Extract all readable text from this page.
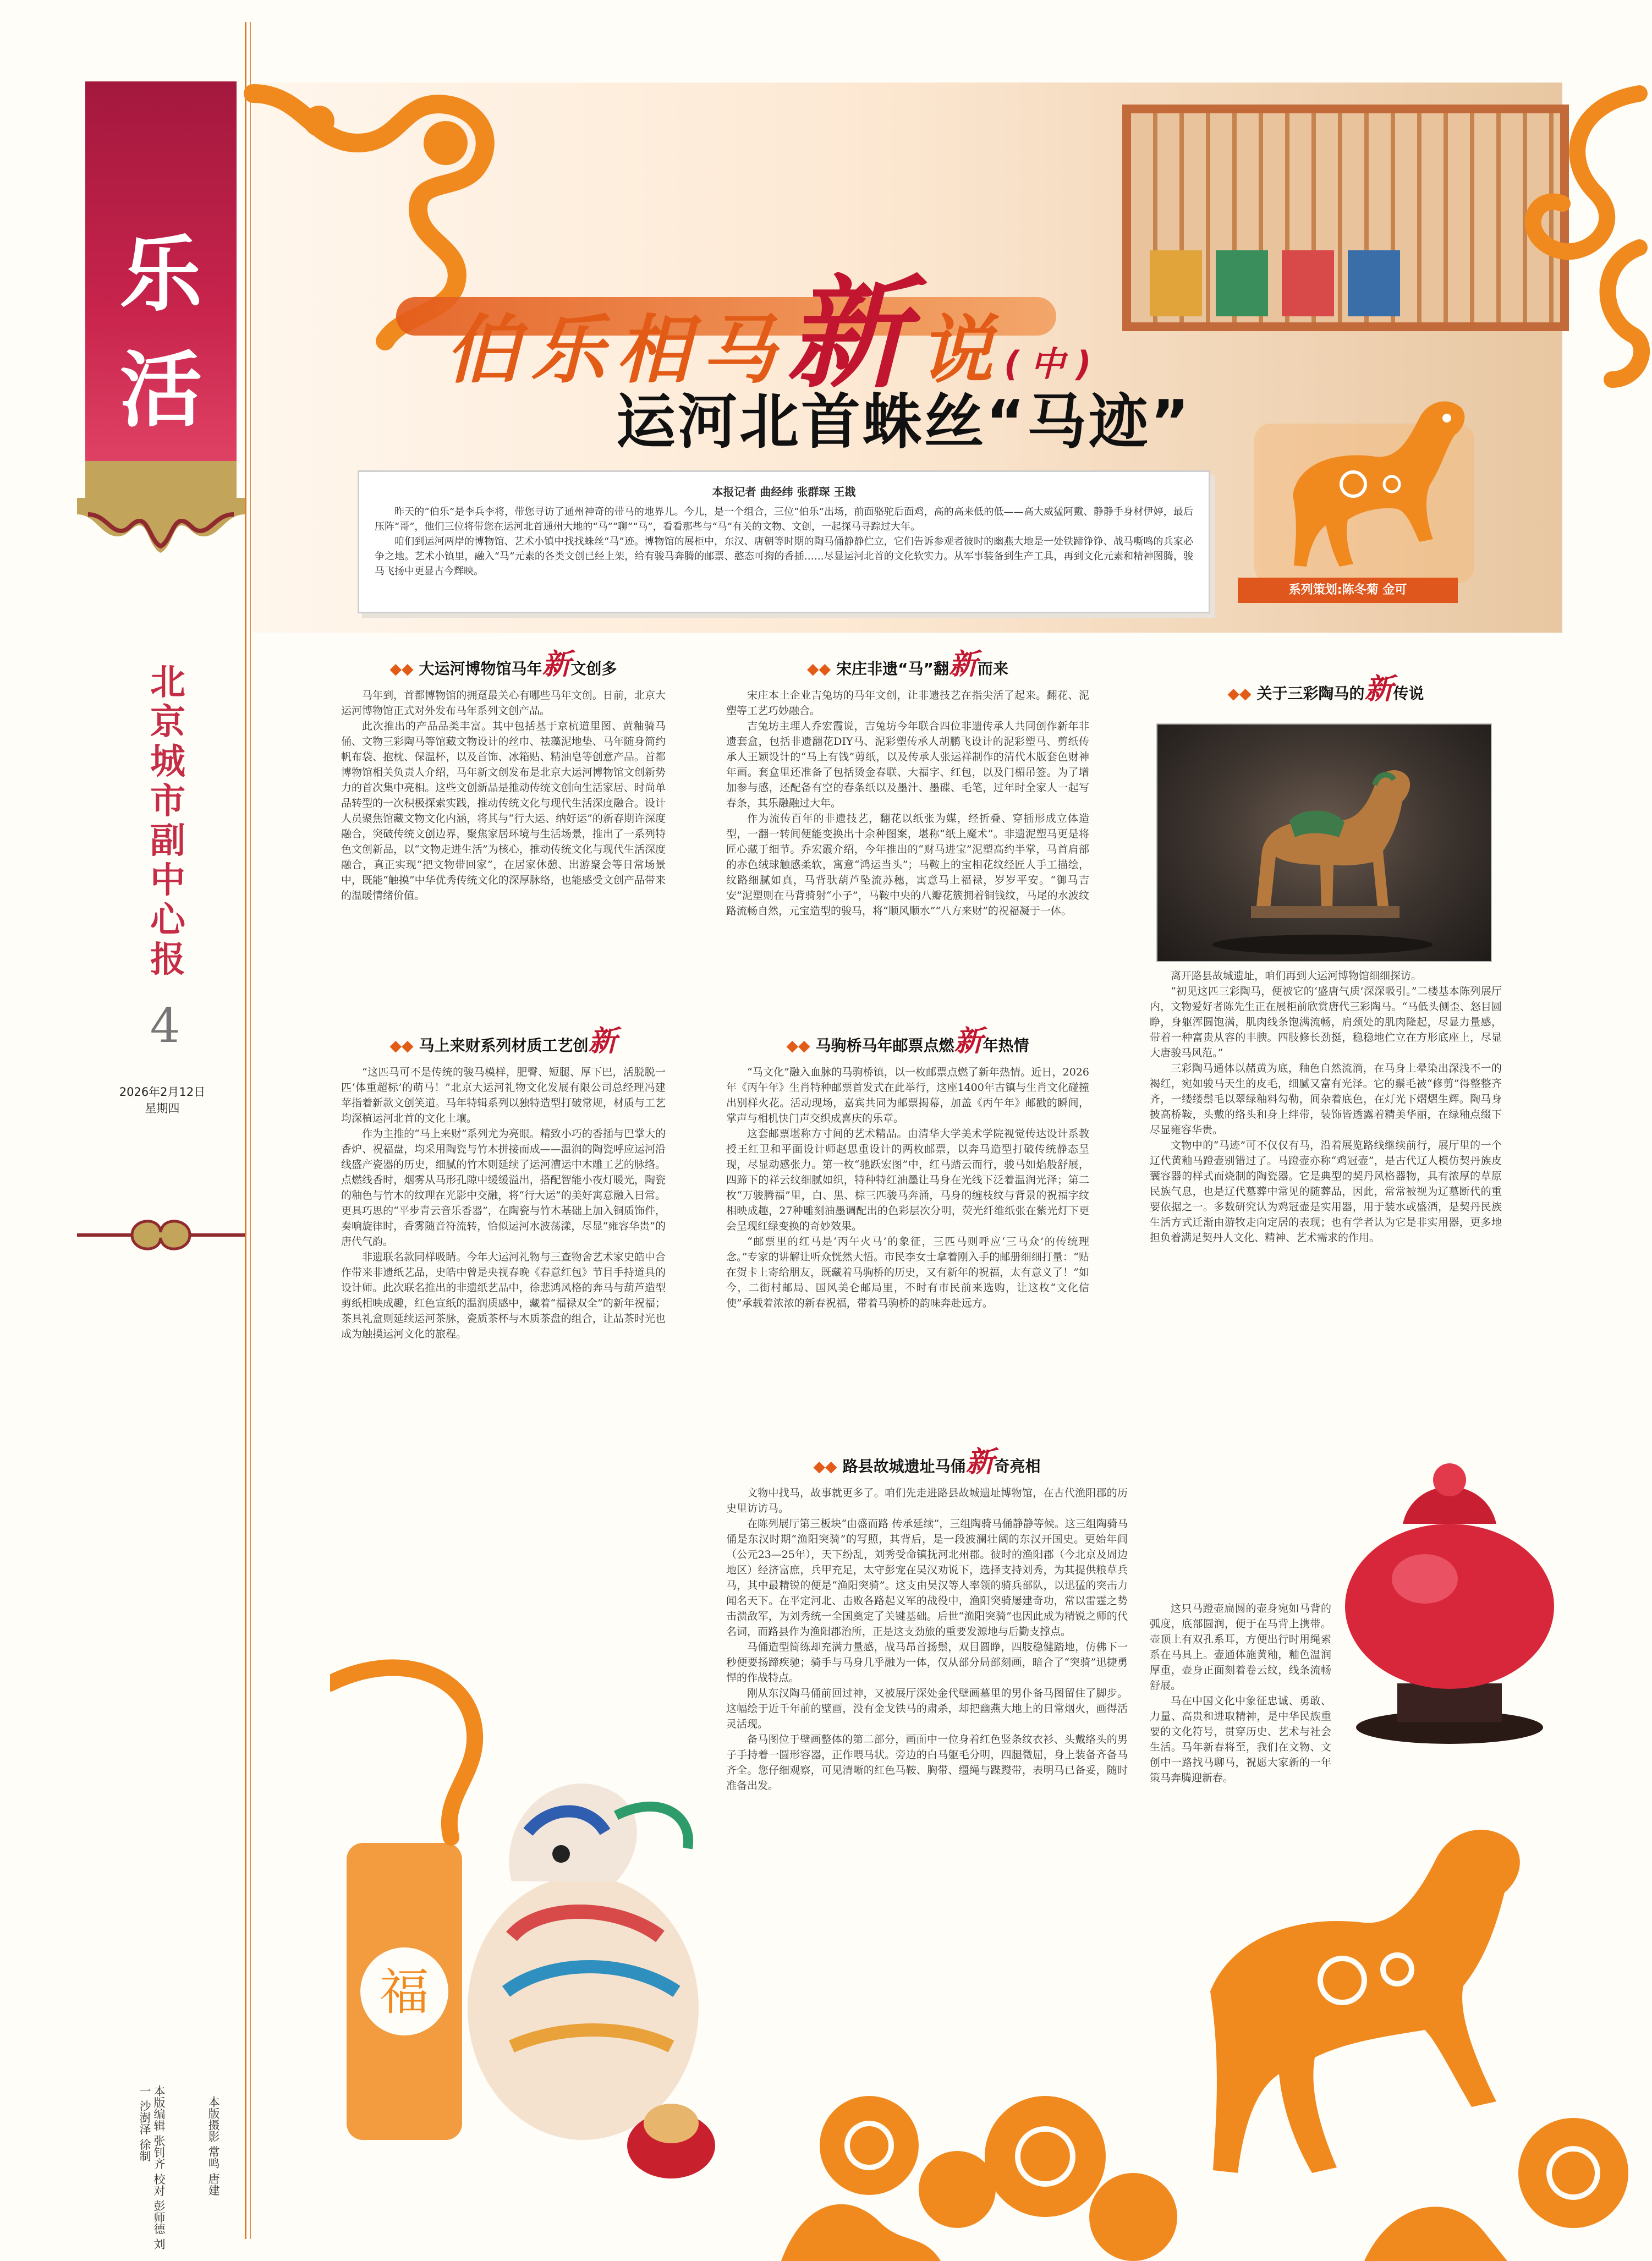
乐
活
北京城市副中心报
4
2026年2月12日
星期四
本版编辑 张钊齐 校对 彭师德 刘一 沙澍泽 徐制	本版摄影 常鸣 唐建
伯乐相马新说(中)
运河北首蛛丝“马迹”
本报记者 曲经纬 张群琛 王戡

昨天的“伯乐”是李兵李将，带您寻访了通州神奇的带马的地界儿。今儿，是一个组合，三位“伯乐”出场，前面骆驼后面鸡，高的高来低的低——高大威猛阿戴、静静手身材伊婷，最后压阵“哥”，他们三位将带您在运河北首通州大地的“马”“聊”“马”，看看那些与“马”有关的文物、文创，一起探马寻踪过大年。

咱们到运河两岸的博物馆、艺术小镇中找找蛛丝“马”迹。博物馆的展柜中，东汉、唐朝等时期的陶马俑静静伫立，它们告诉参观者彼时的幽燕大地是一处铁蹄铮铮、战马嘶鸣的兵家必争之地。艺术小镇里，融入“马”元素的各类文创已经上架，给有骏马奔腾的邮票、憨态可掬的香插……尽显运河北首的文化软实力。从军事装备到生产工具，再到文化元素和精神图腾，骏马飞扬中更显古今辉映。

系列策划:陈冬菊 金可
◆◆ 大运河博物馆马年新文创多

马年到，首都博物馆的拥趸最关心有哪些马年文创。日前，北京大运河博物馆正式对外发布马年系列文创产品。

此次推出的产品品类丰富。其中包括基于京杭道里图、黄釉骑马俑、文物三彩陶马等馆藏文物设计的丝巾、祛藻泥地垫、马年随身简约帆布袋、抱枕、保温杯，以及首饰、冰箱贴、精油皂等创意产品。首都博物馆相关负责人介绍，马年新文创发布是北京大运河博物馆文创新势力的首次集中亮相。这些文创新品是推动传统文创向生活家居、时尚单品转型的一次积极探索实践，推动传统文化与现代生活深度融合。设计人员聚焦馆藏文物文化内涵，将其与“行大运、纳好运”的新春期许深度融合，突破传统文创边界，聚焦家居环境与生活场景，推出了一系列特色文创新品，以“文物走进生活”为核心，推动传统文化与现代生活深度融合，真正实现“把文物带回家”，在居家休憩、出游聚会等日常场景中，既能“触摸”中华优秀传统文化的深厚脉络，也能感受文创产品带来的温暖情绪价值。

◆◆ 马上来财系列材质工艺创新

“这匹马可不是传统的骏马模样，肥臀、短腿、厚下巴，活脱脱一匹‘体重超标’的萌马！”北京大运河礼物文化发展有限公司总经理冯建苹指着新款文创笑道。马年特辑系列以独特造型打破常规，材质与工艺均深植运河北首的文化土壤。

作为主推的“马上来财”系列尤为亮眼。精致小巧的香插与巴掌大的香炉、祝福盘，均采用陶瓷与竹木拼接而成——温润的陶瓷呼应运河沿线盛产瓷器的历史，细腻的竹木则延续了运河漕运中木雕工艺的脉络。点燃线香时，烟雾从马形孔隙中缓缓溢出，搭配智能小夜灯暖光，陶瓷的釉色与竹木的纹理在光影中交融，将“行大运”的美好寓意融入日常。更具巧思的“平步青云音乐香器”，在陶瓷与竹木基础上加入铜质饰件，奏响旋律时，香雾随音符流转，恰似运河水波荡漾，尽显“雍容华贵”的唐代气韵。

非遗联名款同样吸睛。今年大运河礼物与三查物舍艺术家史皓中合作带来非遗纸艺品，史皓中曾是央视春晚《春意红包》节目手持道具的设计师。此次联名推出的非遗纸艺品中，徐悲鸿风格的奔马与葫芦造型剪纸相映成趣，红色宣纸的温润质感中，藏着“福禄双全”的新年祝福；茶具礼盒则延续运河茶脉，瓷质茶杯与木质茶盘的组合，让品茶时光也成为触摸运河文化的旅程。

◆◆ 宋庄非遗“马”翻新而来

宋庄本土企业吉兔坊的马年文创，让非遗技艺在指尖活了起来。翻花、泥塑等工艺巧妙融合。

吉兔坊主理人乔宏霞说，吉兔坊今年联合四位非遗传承人共同创作新年非遗套盒，包括非遗翻花DIY马、泥彩塑传承人胡鹏飞设计的泥彩塑马、剪纸传承人王颖设计的“马上有钱”剪纸，以及传承人张运祥制作的清代木版套色财神年画。套盒里还准备了包括烫金春联、大福字、红包，以及门楣吊签。为了增加参与感，还配备有空的春条纸以及墨汁、墨碟、毛笔，过年时全家人一起写春条，其乐融融过大年。

作为流传百年的非遗技艺，翻花以纸张为媒，经折叠、穿插形成立体造型，一翻一转间便能变换出十余种图案，堪称“纸上魔术”。非遗泥塑马更是将匠心藏于细节。乔宏霞介绍，今年推出的“财马进宝”泥塑高约半掌，马首肩部的赤色绒球触感柔软，寓意“鸿运当头”；马鞍上的宝相花纹经匠人手工描绘，纹路细腻如真，马背驮葫芦坠流苏穗，寓意马上福禄，岁岁平安。“御马吉安”泥塑则在马背骑射“小子”，马鞍中央的八瓣花簇拥着铜钱纹，马尾的水波纹路流畅自然，元宝造型的骏马，将“顺风顺水”“八方来财”的祝福凝于一体。

◆◆ 马驹桥马年邮票点燃新年热情

“马文化”融入血脉的马驹桥镇，以一枚邮票点燃了新年热情。近日，2026年《丙午年》生肖特种邮票首发式在此举行，这座1400年古镇与生肖文化碰撞出别样火花。活动现场，嘉宾共同为邮票揭幕，加盖《丙午年》邮戳的瞬间，掌声与相机快门声交织成喜庆的乐章。

这套邮票堪称方寸间的艺术精品。由清华大学美术学院视觉传达设计系教授王红卫和平面设计师赵思重设计的两枚邮票，以奔马造型打破传统静态呈现，尽显动感张力。第一枚“驰跃宏图”中，红马踏云而行，骏马如焰般舒展，四蹄下的祥云纹细腻如织，特种特红油墨让马身在光线下泛着温润光泽；第二枚“万骏腾福”里，白、黑、棕三匹骏马奔涌，马身的缠枝纹与背景的祝福字纹相映成趣，27种雕刻油墨调配出的色彩层次分明，荧光纤维纸张在紫光灯下更会呈现红绿变换的奇妙效果。

“邮票里的红马是‘丙午火马’的象征，三匹马则呼应‘三马众’的传统理念。”专家的讲解让听众恍然大悟。市民李女士拿着刚入手的邮册细细打量：“贴在贺卡上寄给朋友，既藏着马驹桥的历史，又有新年的祝福，太有意义了！”如今，二街村邮局、国风美仑邮局里，不时有市民前来选购，让这枚“文化信使”承载着浓浓的新春祝福，带着马驹桥的韵味奔赴远方。

◆◆ 路县故城遗址马俑新奇亮相

文物中找马，故事就更多了。咱们先走进路县故城遗址博物馆，在古代渔阳郡的历史里访访马。

在陈列展厅第三板块“由盛而路 传承延续”，三组陶骑马俑静静等候。这三组陶骑马俑是东汉时期“渔阳突骑”的写照，其背后，是一段波澜壮阔的东汉开国史。更始年间（公元23—25年），天下纷乱，刘秀受命镇抚河北州郡。彼时的渔阳郡（今北京及周边地区）经济富庶，兵甲充足，太守彭宠在吴汉劝说下，选择支持刘秀，为其提供粮草兵马，其中最精锐的便是“渔阳突骑”。这支由吴汉等人率领的骑兵部队，以迅猛的突击力闻名天下。在平定河北、击败各路起义军的战役中，渔阳突骑屡建奇功，常以雷霆之势击溃敌军，为刘秀统一全国奠定了关键基础。后世“渔阳突骑”也因此成为精锐之师的代名词，而路县作为渔阳郡治所，正是这支劲旅的重要发源地与后勤支撑点。

马俑造型简练却充满力量感，战马昂首扬鬃，双目圆睁，四肢稳健踏地，仿佛下一秒便要扬蹄疾驰；骑手与马身几乎融为一体，仅从部分局部刻画，暗合了“突骑”迅捷勇悍的作战特点。

刚从东汉陶马俑前回过神，又被展厅深处金代壁画墓里的男仆备马图留住了脚步。这幅绘于近千年前的壁画，没有金戈铁马的肃杀，却把幽燕大地上的日常烟火，画得活灵活现。

备马图位于壁画整体的第二部分，画面中一位身着红色竖条纹衣衫、头戴络头的男子手持着一圆形容器，正作喂马状。旁边的白马躯毛分明，四腿微屈，身上装备齐备马齐全。您仔细观察，可见清晰的红色马鞍、胸带、缰绳与蹀躞带，表明马已备妥，随时准备出发。

◆◆ 关于三彩陶马的新传说

离开路县故城遗址，咱们再到大运河博物馆细细探访。

“初见这匹三彩陶马，便被它的‘盛唐气质’深深吸引。”二楼基本陈列展厅内，文物爱好者陈先生正在展柜前欣赏唐代三彩陶马。“马低头侧歪、怒目圆睁，身躯浑圆饱满，肌肉线条饱满流畅，肩颈处的肌肉隆起，尽显力量感，带着一种富贵从容的丰腴。四肢修长劲挺，稳稳地伫立在方形底座上，尽显大唐骏马风范。”

三彩陶马通体以赭黄为底，釉色自然流淌，在马身上晕染出深浅不一的褐红，宛如骏马天生的皮毛，细腻又富有光泽。它的鬃毛被“修剪”得整整齐齐，一缕缕鬃毛以翠绿釉料勾勒，间杂着底色，在灯光下熠熠生辉。陶马身披高桥鞍，头戴的络头和身上绊带，装饰皆透露着精美华丽，在绿釉点缀下尽显雍容华贵。

文物中的“马迹”可不仅仅有马，沿着展览路线继续前行，展厅里的一个辽代黄釉马蹬壶别错过了。马蹬壶亦称“鸡冠壶”，是古代辽人模仿契丹族皮囊容器的样式而烧制的陶瓷器。它是典型的契丹风格器物，具有浓厚的草原民族气息，也是辽代墓葬中常见的随葬品，因此，常常被视为辽墓断代的重要依据之一。多数研究认为鸡冠壶是实用器，用于装水或盛酒，是契丹民族生活方式迁渐由游牧走向定居的表现；也有学者认为它是非实用器，更多地担负着满足契丹人文化、精神、艺术需求的作用。

这只马蹬壶扁圆的壶身宛如马背的弧度，底部圆润，便于在马背上携带。壶顶上有双孔系耳，方便出行时用绳索系在马具上。壶通体施黄釉，釉色温润厚重，壶身正面刻着卷云纹，线条流畅舒展。

马在中国文化中象征忠诚、勇敢、力量、高贵和进取精神，是中华民族重要的文化符号，贯穿历史、艺术与社会生活。马年新春将至，我们在文物、文创中一路找马聊马，祝愿大家新的一年策马奔腾迎新春。

福
